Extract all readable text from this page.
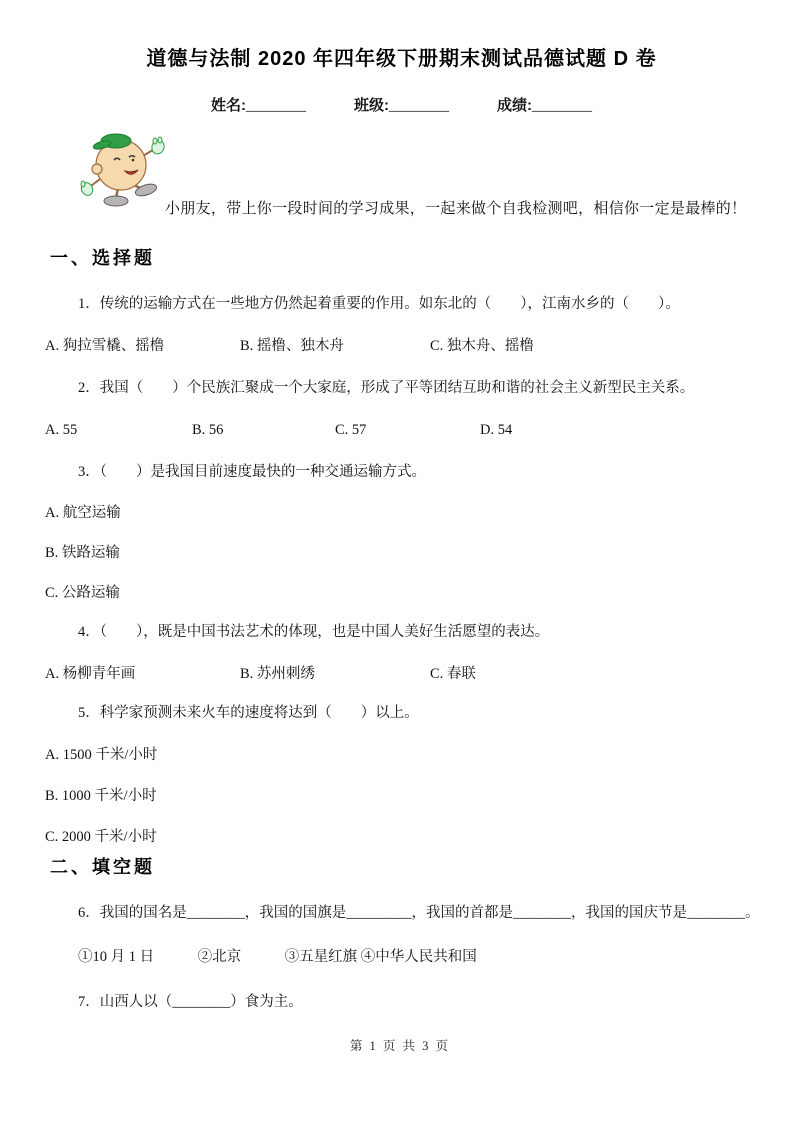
道德与法制 2020 年四年级下册期末测试品德试题 D 卷
姓名:________	班级:________	成绩:________
小朋友，带上你一段时间的学习成果，一起来做个自我检测吧，相信你一定是最棒的！
一、选择题
1．传统的运输方式在一些地方仍然起着重要的作用。如东北的（　　），江南水乡的（　　）。
A. 狗拉雪橇、摇橹	B. 摇橹、独木舟	C. 独木舟、摇橹
2．我国（　　）个民族汇聚成一个大家庭，形成了平等团结互助和谐的社会主义新型民主关系。
A. 55	B. 56	C. 57	D. 54
3．（　　）是我国目前速度最快的一种交通运输方式。
A. 航空运输
B. 铁路运输
C. 公路运输
4．（　　），既是中国书法艺术的体现，也是中国人美好生活愿望的表达。
A. 杨柳青年画	B. 苏州刺绣	C. 春联
5．科学家预测未来火车的速度将达到（　　）以上。
A. 1500 千米/小时
B. 1000 千米/小时
C. 2000 千米/小时
二、填空题
6．我国的国名是________，我国的国旗是_________，我国的首都是________，我国的国庆节是________。
①10 月 1 日　　　②北京　　　③五星红旗 ④中华人民共和国
7．山西人以（________）食为主。
第 1 页 共 3 页
